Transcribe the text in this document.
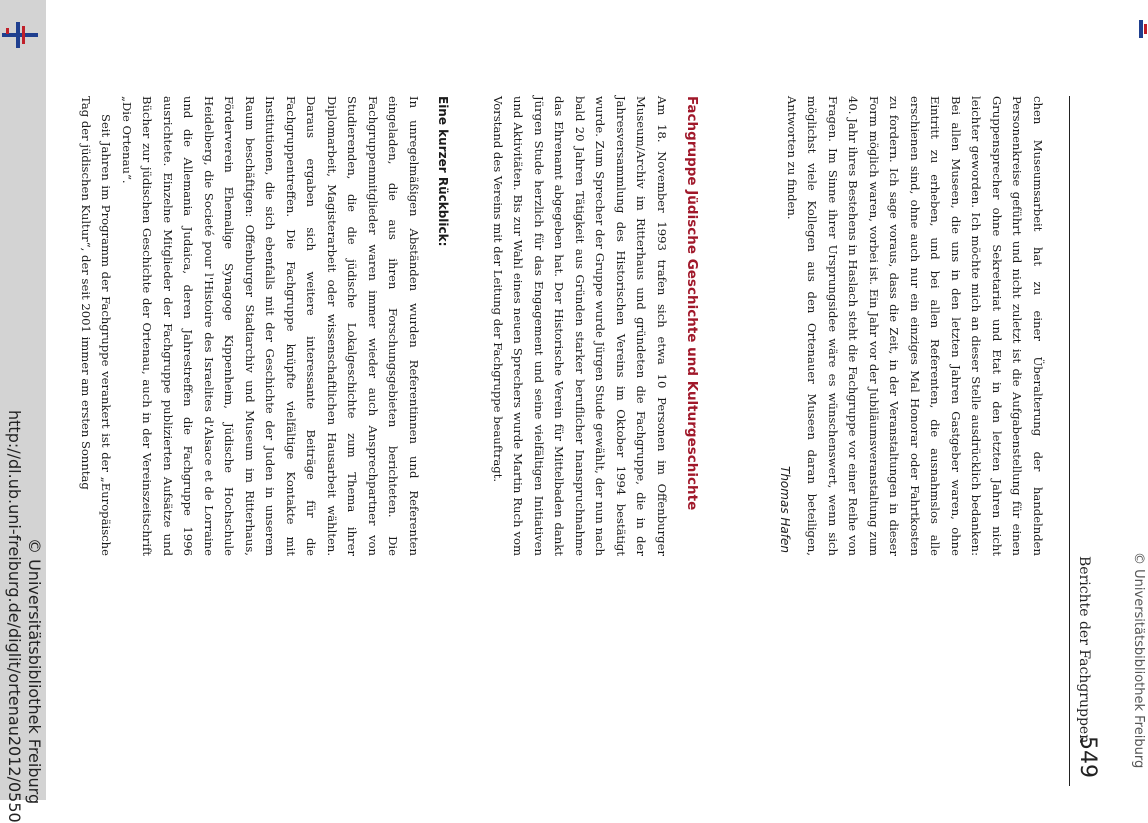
http://dl.ub.uni-freiburg.de/diglit/ortenau2012/0550 © Universitätsbibliothek Freiburg	© Universitätsbibliothek Freiburg
Berichte der Fachgruppen
549

chen Museumsarbeit hat zu einer Überalterung der handelnden Personenkreise geführt und nicht zuletzt ist die Aufgabenstellung für einen Gruppensprecher ohne Sekretariat und Etat in den letzten Jahren nicht leichter geworden. Ich möchte mich an dieser Stelle ausdrücklich bedanken: Bei allen Museen, die uns in den letzten Jahren Gastgeber waren, ohne Eintritt zu erheben, und bei allen Referenten, die ausnahmslos alle erschienen sind, ohne auch nur ein einziges Mal Honorar oder Fahrtkosten zu fordern. Ich sage voraus, dass die Zeit, in der Veranstaltungen in dieser Form möglich waren, vorbei ist. Ein Jahr vor der Jubiläumsveranstaltung zum 40. Jahr ihres Bestehens in Haslach steht die Fachgruppe vor einer Reihe von Fragen. Im Sinne ihrer Ursprungsidee wäre es wünschenswert, wenn sich möglichst viele Kollegen aus den Ortenauer Museen daran beteiligen, Antworten zu finden.

Thomas Hafen
Fachgruppe Jüdische Geschichte und Kulturgeschichte

Am 18. November 1993 trafen sich etwa 10 Personen im Offenburger Museum/Archiv im Ritterhaus und gründeten die Fachgruppe, die in der Jahresversammlung des Historischen Vereins im Oktober 1994 bestätigt wurde. Zum Sprecher der Gruppe wurde Jürgen Stude gewählt, der nun nach bald 20 Jahren Tätigkeit aus Gründen starker beruflicher Inanspruchnahme das Ehrenamt abgegeben hat. Der Historische Verein für Mittelbaden dankt Jürgen Stude herzlich für das Engagement und seine vielfältigen Initiativen und Aktivitäten. Bis zur Wahl eines neuen Sprechers wurde Martin Ruch vom Vorstand des Vereins mit der Leitung der Fachgruppe beauftragt.

Eine kurzer Rückblick:

In unregelmäßigen Abständen wurden Referentinnen und Referenten eingeladen, die aus ihren Forschungsgebieten berichteten. Die Fachgruppenmitglieder waren immer wieder auch Ansprechpartner von Studierenden, die die jüdische Lokalgeschichte zum Thema ihrer Diplomarbeit, Magisterarbeit oder wissenschaftlichen Hausarbeit wählten. Daraus ergaben sich weitere interessante Beiträge für die Fachgruppentreffen. Die Fachgruppe knüpfte vielfältige Kontakte mit Institutionen, die sich ebenfalls mit der Geschichte der Juden in unserem Raum beschäftigen: Offenburger Stadtarchiv und Museum im Ritterhaus, Förderverein Ehemalige Synagoge Kippenheim, Jüdische Hochschule Heidelberg, die Societé pour l'Histoire des Israelites d'Alsace et de Lorraine und die Allemania Judaica, deren Jahrestreffen die Fachgruppe 1996 ausrichtete. Einzelne Mitglieder der Fachgruppe publizierten Aufsätze und Bücher zur jüdischen Geschichte der Ortenau, auch in der Vereinszeitschrift „Die Ortenau“.

Seit Jahren im Programm der Fachgruppe verankert ist der „Europäische Tag der jüdischen Kultur“, der seit 2001 immer am ersten Sonntag
